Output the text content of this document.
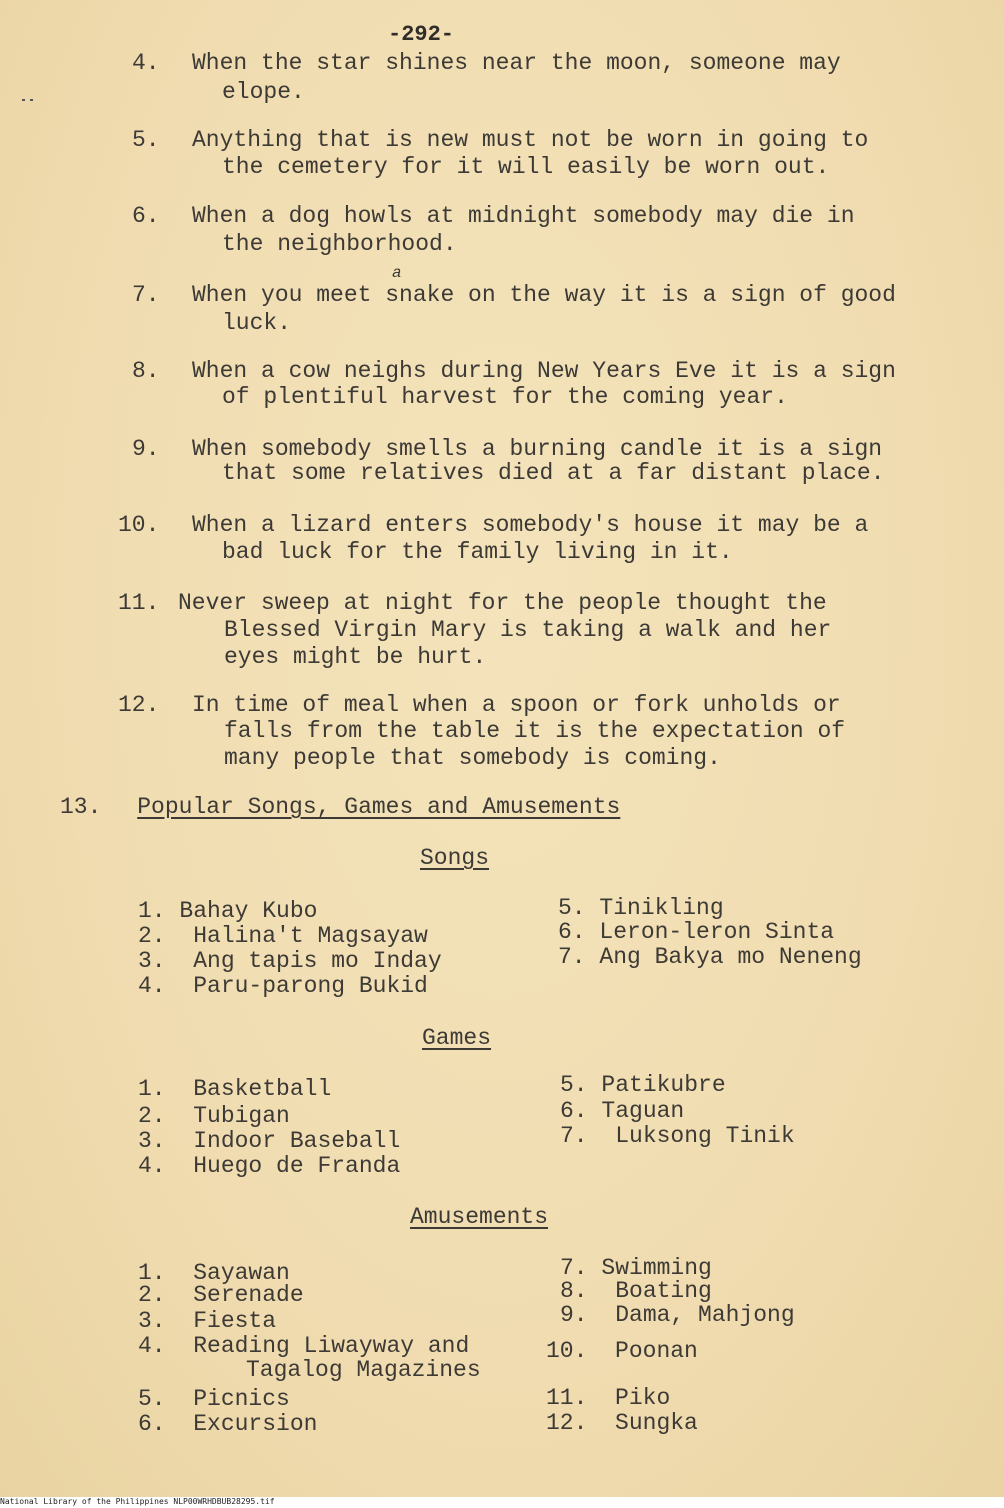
-292-
4. When the star shines near the moon, someone may
elope.
5. Anything that is new must not be worn in going to
the cemetery for it will easily be worn out.
6. When a dog howls at midnight somebody may die in
the neighborhood.
7. When you meet snake on the way it is a sign of good
luck.
a
8. When a cow neighs during New Years Eve it is a sign
of plentiful harvest for the coming year.
9. When somebody smells a burning candle it is a sign
that some relatives died at a far distant place.
10. When a lizard enters somebody's house it may be a
bad luck for the family living in it.
11. Never sweep at night for the people thought the
Blessed Virgin Mary is taking a walk and her
eyes might be hurt.
12. In time of meal when a spoon or fork unholds or
falls from the table it is the expectation of
many people that somebody is coming.
13. Popular Songs, Games and Amusements
Songs
1. Bahay Kubo
2. Halina't Magsayaw
3. Ang tapis mo Inday
4. Paru-parong Bukid
5. Tinikling
6. Leron-leron Sinta
7. Ang Bakya mo Neneng
Games
1. Basketball
2. Tubigan
3. Indoor Baseball
4. Huego de Franda
5. Patikubre
6. Taguan
7. Luksong Tinik
Amusements
1. Sayawan
2. Serenade
3. Fiesta
4. Reading Liwayway and
Tagalog Magazines
5. Picnics
6. Excursion
7. Swimming
8. Boating
9. Dama, Mahjong
10. Poonan
11. Piko
12. Sungka
National Library of the Philippines NLP00WRHDBUB28295.tif
